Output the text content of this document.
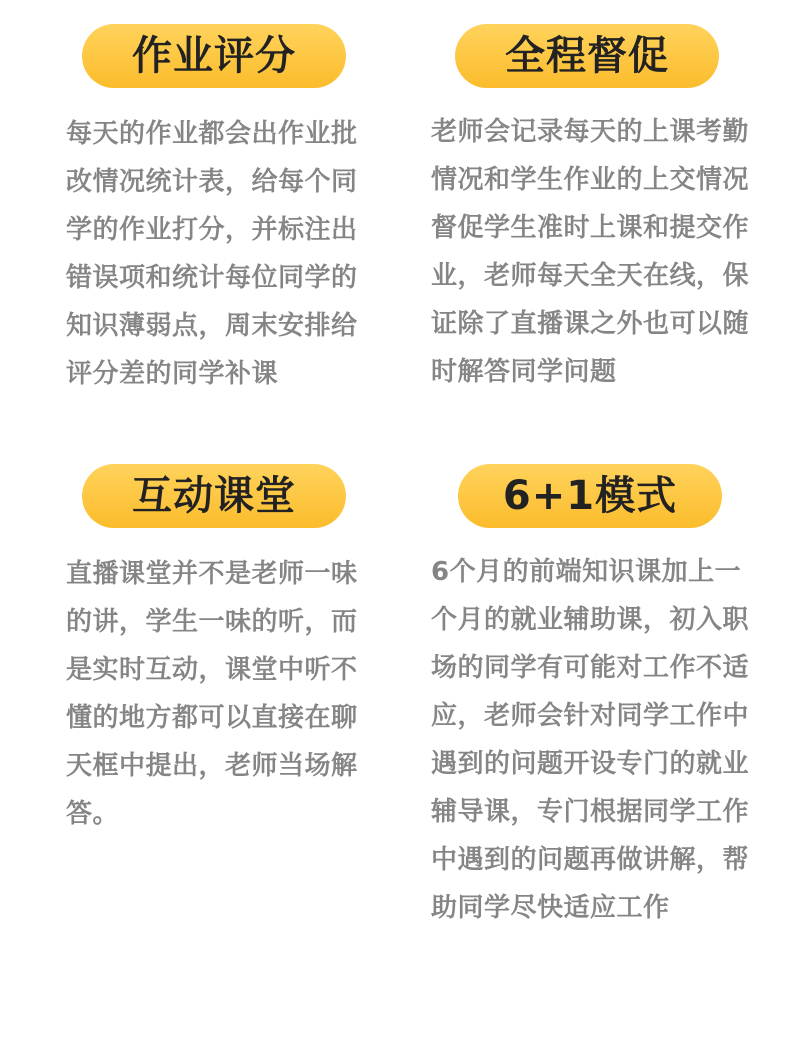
作业评分

每天的作业都会出作业批改情况统计表，给每个同学的作业打分，并标注出错误项和统计每位同学的知识薄弱点，周末安排给评分差的同学补课

全程督促

老师会记录每天的上课考勤情况和学生作业的上交情况督促学生准时上课和提交作业，老师每天全天在线，保证除了直播课之外也可以随时解答同学问题

互动课堂

直播课堂并不是老师一味的讲，学生一味的听，而是实时互动，课堂中听不懂的地方都可以直接在聊天框中提出，老师当场解答。

6+1模式

6个月的前端知识课加上一个月的就业辅助课，初入职场的同学有可能对工作不适应，老师会针对同学工作中遇到的问题开设专门的就业辅导课，专门根据同学工作中遇到的问题再做讲解，帮助同学尽快适应工作
